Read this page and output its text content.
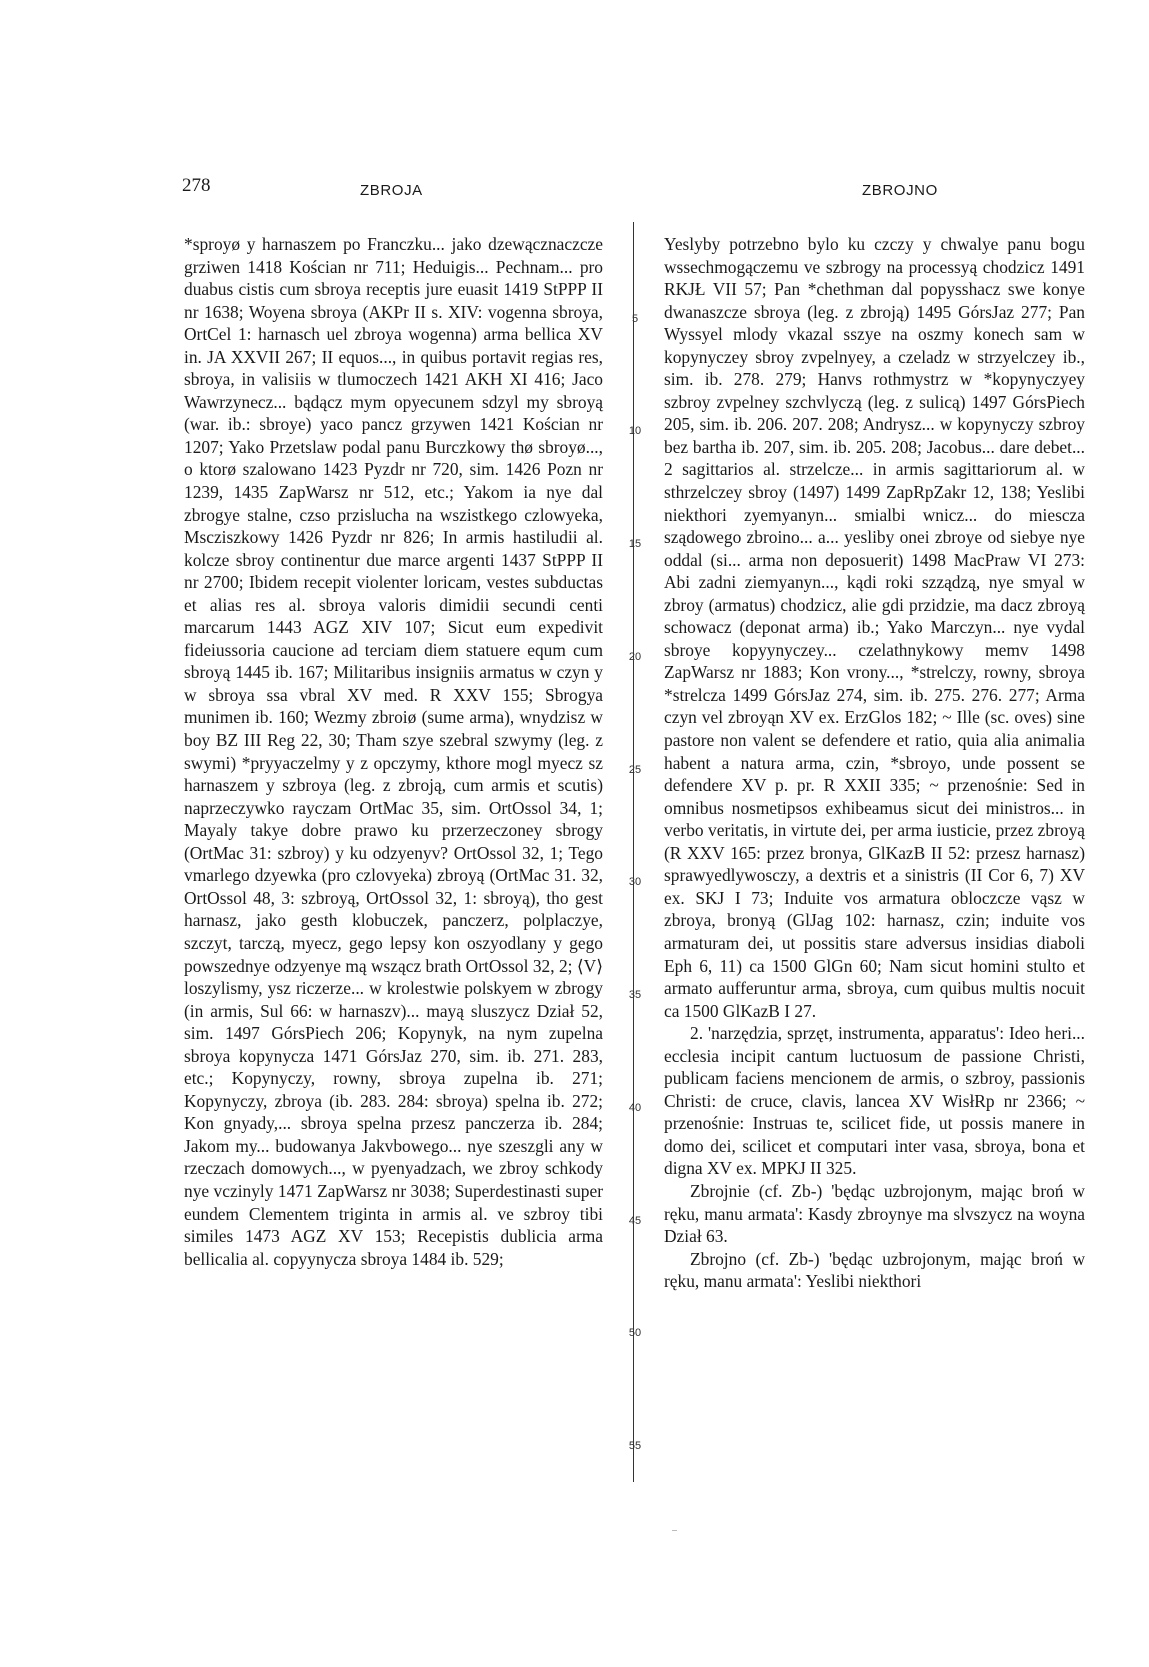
278	ZBROJA	ZBROJNO

*sproyø y harnaszem po Franczku... jako dzewącznaczcze grziwen 1418 Kościan nr 711; Heduigis... Pechnam... pro duabus cistis cum sbroya receptis jure euasit 1419 StPPP II nr 1638; Woyena sbroya (AKPr II s. XIV: vogenna sbroya, OrtCel 1: harnasch uel zbroya wogenna) arma bellica XV in. JA XXVII 267; II equos..., in quibus portavit regias res, sbroya, in valisiis w tlumoczech 1421 AKH XI 416; Jaco Wawrzynecz... bądącz mym opyecunem sdzyl my sbroyą (war. ib.: sbroye) yaco pancz grzywen 1421 Kościan nr 1207; Yako Przetslaw podal panu Burczkowy thø sbroyø..., o ktorø szalowano 1423 Pyzdr nr 720, sim. 1426 Pozn nr 1239, 1435 ZapWarsz nr 512, etc.; Yakom ia nye dal zbrogye stalne, czso przislucha na wszistkego czlowyeka, Mscziszkowy 1426 Pyzdr nr 826; In armis hastiludii al. kolcze sbroy continentur due marce argenti 1437 StPPP II nr 2700; Ibidem recepit violenter loricam, vestes subductas et alias res al. sbroya valoris dimidii secundi centi marcarum 1443 AGZ XIV 107; Sicut eum expedivit fideiussoria caucione ad terciam diem statuere equm cum sbroyą 1445 ib. 167; Militaribus insigniis armatus w czyn y w sbroya ssa vbral XV med. R XXV 155; Sbrogya munimen ib. 160; Wezmy zbroiø (sume arma), wnydzisz w boy BZ III Reg 22, 30; Tham szye szebral szwymy (leg. z swymi) *pryyaczelmy y z opczymy, kthore mogl myecz sz harnaszem y szbroya (leg. z zbroją, cum armis et scutis) naprzeczywko rayczam OrtMac 35, sim. OrtOssol 34, 1; Mayaly takye dobre prawo ku przerzeczoney sbrogy (OrtMac 31: szbroy) y ku odzyenyv? OrtOssol 32, 1; Tego vmarlego dzyewka (pro czlovyeka) zbroyą (OrtMac 31. 32, OrtOssol 48, 3: szbroyą, OrtOssol 32, 1: sbroyą), tho gest harnasz, jako gesth klobuczek, panczerz, polplaczye, szczyt, tarczą, myecz, gego lepsy kon oszyodlany y gego powszednye odzyenye mą wszącz brath OrtOssol 32, 2; ⟨V⟩loszylismy, ysz riczerze... w krolestwie polskyem w zbrogy (in armis, Sul 66: w harnaszv)... mayą sluszycz Dział 52, sim. 1497 GórsPiech 206; Kopynyk, na nym zupelna sbroya kopynycza 1471 GórsJaz 270, sim. ib. 271. 283, etc.; Kopynyczy, rowny, sbroya zupelna ib. 271; Kopynyczy, zbroya (ib. 283. 284: sbroya) spelna ib. 272; Kon gnyady,... sbroya spelna przesz panczerza ib. 284; Jakom my... budowanya Jakvbowego... nye szeszgli any w rzeczach domowych..., w pyenyadzach, we zbroy schkody nye vczinyly 1471 ZapWarsz nr 3038; Superdestinasti super eundem Clementem triginta in armis al. ve szbroy tibi similes 1473 AGZ XV 153; Recepistis dublicia arma bellicalia al. copyynycza sbroya 1484 ib. 529;

5
10
15
20
25
30
35
40
45
50
55

Yeslyby potrzebno bylo ku czczy y chwalye panu bogu wssechmogączemu ve szbrogy na processyą chodzicz 1491 RKJŁ VII 57; Pan *chethman dal popysshacz swe konye dwanaszcze sbroya (leg. z zbroją) 1495 GórsJaz 277; Pan Wyssyel mlody vkazal sszye na oszmy konech sam w kopynyczey sbroy zvpelnyey, a czeladz w strzyelczey ib., sim. ib. 278. 279; Hanvs rothmystrz w *kopynyczyey szbroy zvpelney szchvlyczą (leg. z sulicą) 1497 GórsPiech 205, sim. ib. 206. 207. 208; Andrysz... w kopynyczy szbroy bez bartha ib. 207, sim. ib. 205. 208; Jacobus... dare debet... 2 sagittarios al. strzelcze... in armis sagittariorum al. w sthrzelczey sbroy (1497) 1499 ZapRpZakr 12, 138; Yeslibi niekthori zyemyanyn... smialbi wnicz... do miescza sządowego zbroino... a... yesliby onei zbroye od siebye nye oddal (si... arma non deposuerit) 1498 MacPraw VI 273: Abi zadni ziemyanyn..., kądi roki szządzą, nye smyal w zbroy (armatus) chodzicz, alie gdi przidzie, ma dacz zbroyą schowacz (deponat arma) ib.; Yako Marczyn... nye vydal sbroye kopyynyczey... czelathnykowy memv 1498 ZapWarsz nr 1883; Kon vrony..., *strelczy, rowny, sbroya *strelcza 1499 GórsJaz 274, sim. ib. 275. 276. 277; Arma czyn vel zbroyąn XV ex. ErzGlos 182; ~ Ille (sc. oves) sine pastore non valent se defendere et ratio, quia alia animalia habent a natura arma, czin, *sbroyo, unde possent se defendere XV p. pr. R XXII 335; ~ przenośnie: Sed in omnibus nosmetipsos exhibeamus sicut dei ministros... in verbo veritatis, in virtute dei, per arma iusticie, przez zbroyą (R XXV 165: przez bronya, GlKazB II 52: przesz harnasz) sprawyedlywosczy, a dextris et a sinistris (II Cor 6, 7) XV ex. SKJ I 73; Induite vos armatura obloczcze vąsz w zbroya, bronyą (GlJag 102: harnasz, czin; induite vos armaturam dei, ut possitis stare adversus insidias diaboli Eph 6, 11) ca 1500 GlGn 60; Nam sicut homini stulto et armato aufferuntur arma, sbroya, cum quibus multis nocuit ca 1500 GlKazB I 27.

2. 'narzędzia, sprzęt, instrumenta, apparatus': Ideo heri... ecclesia incipit cantum luctuosum de passione Christi, publicam faciens mencionem de armis, o szbroy, passionis Christi: de cruce, clavis, lancea XV WisłRp nr 2366; ~ przenośnie: Instruas te, scilicet fide, ut possis manere in domo dei, scilicet et computari inter vasa, sbroya, bona et digna XV ex. MPKJ II 325.

Zbrojnie (cf. Zb-) 'będąc uzbrojonym, mając broń w ręku, manu armata': Kasdy zbroynye ma slvszycz na woyna Dział 63.

Zbrojno (cf. Zb-) 'będąc uzbrojonym, mając broń w ręku, manu armata': Yeslibi niekthori
